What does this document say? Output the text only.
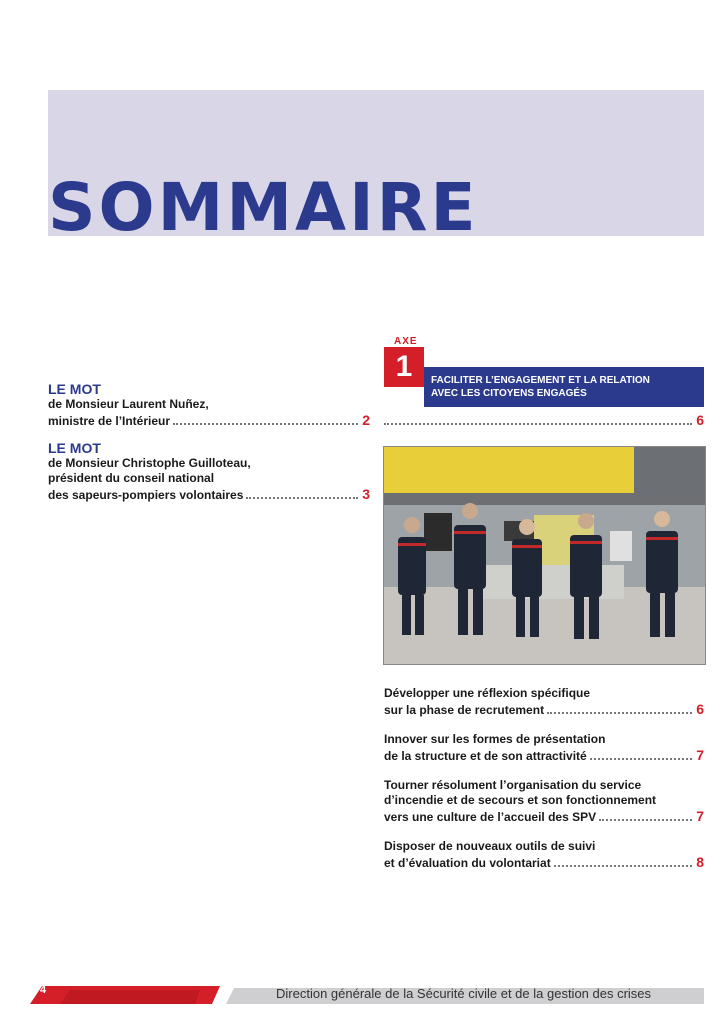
SOMMAIRE
LE MOT
de Monsieur Laurent Nuñez,
ministre de l’Intérieur	2
LE MOT
de Monsieur Christophe Guilloteau,
président du conseil national
des sapeurs-pompiers volontaires	3
AXE
1	FACILITER L’ENGAGEMENT ET LA RELATION
AVEC LES CITOYENS ENGAGÉS
6
Développer une réflexion spécifique
sur la phase de recrutement	6
Innover sur les formes de présentation
de la structure et de son attractivité	7
Tourner résolument l’organisation du service
d’incendie et de secours et son fonctionnement
vers une culture de l’accueil des SPV	7
Disposer de nouveaux outils de suivi
et d’évaluation du volontariat	8
4	Direction générale de la Sécurité civile et de la gestion des crises
